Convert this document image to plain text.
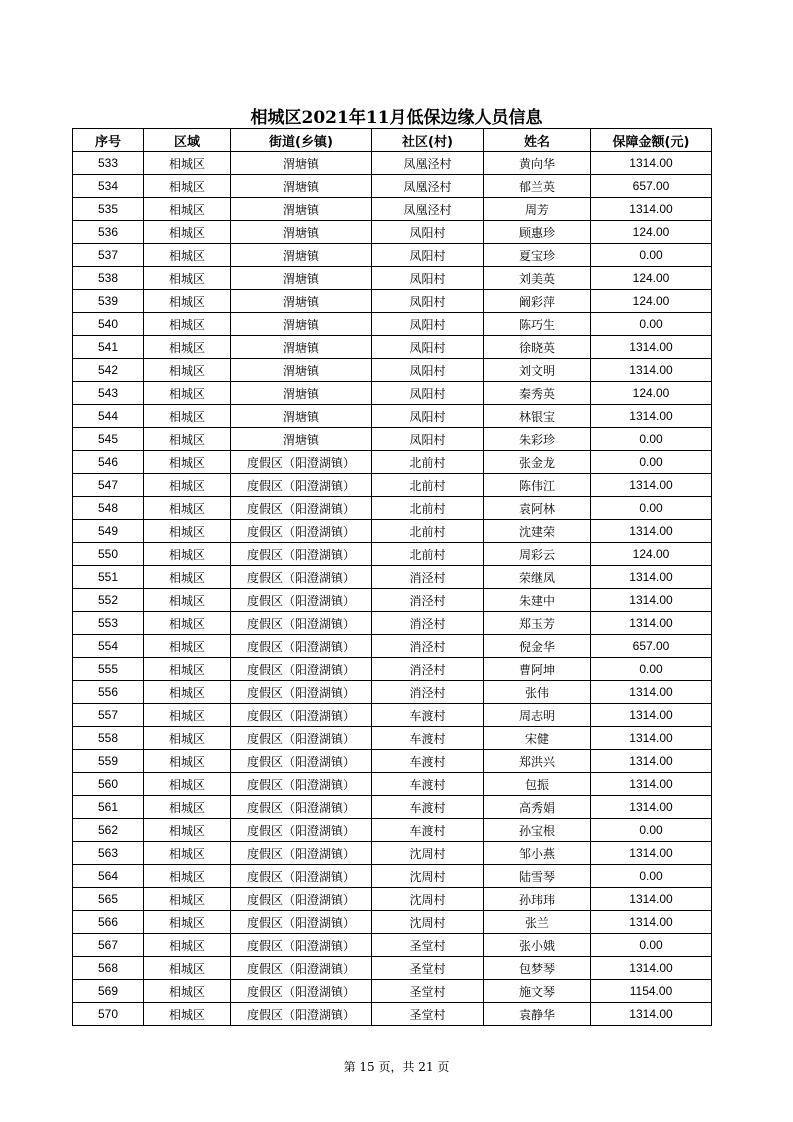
相城区2021年11月低保边缘人员信息
序号	区域	街道(乡镇)	社区(村)	姓名	保障金额(元)
533	相城区	渭塘镇	凤凰泾村	黄向华	1314.00
534	相城区	渭塘镇	凤凰泾村	郁兰英	657.00
535	相城区	渭塘镇	凤凰泾村	周芳	1314.00
536	相城区	渭塘镇	凤阳村	顾惠珍	124.00
537	相城区	渭塘镇	凤阳村	夏宝珍	0.00
538	相城区	渭塘镇	凤阳村	刘美英	124.00
539	相城区	渭塘镇	凤阳村	阚彩萍	124.00
540	相城区	渭塘镇	凤阳村	陈巧生	0.00
541	相城区	渭塘镇	凤阳村	徐晓英	1314.00
542	相城区	渭塘镇	凤阳村	刘文明	1314.00
543	相城区	渭塘镇	凤阳村	秦秀英	124.00
544	相城区	渭塘镇	凤阳村	林银宝	1314.00
545	相城区	渭塘镇	凤阳村	朱彩珍	0.00
546	相城区	度假区（阳澄湖镇）	北前村	张金龙	0.00
547	相城区	度假区（阳澄湖镇）	北前村	陈伟江	1314.00
548	相城区	度假区（阳澄湖镇）	北前村	袁阿林	0.00
549	相城区	度假区（阳澄湖镇）	北前村	沈建荣	1314.00
550	相城区	度假区（阳澄湖镇）	北前村	周彩云	124.00
551	相城区	度假区（阳澄湖镇）	消泾村	荣继凤	1314.00
552	相城区	度假区（阳澄湖镇）	消泾村	朱建中	1314.00
553	相城区	度假区（阳澄湖镇）	消泾村	郑玉芳	1314.00
554	相城区	度假区（阳澄湖镇）	消泾村	倪金华	657.00
555	相城区	度假区（阳澄湖镇）	消泾村	曹阿坤	0.00
556	相城区	度假区（阳澄湖镇）	消泾村	张伟	1314.00
557	相城区	度假区（阳澄湖镇）	车渡村	周志明	1314.00
558	相城区	度假区（阳澄湖镇）	车渡村	宋健	1314.00
559	相城区	度假区（阳澄湖镇）	车渡村	郑洪兴	1314.00
560	相城区	度假区（阳澄湖镇）	车渡村	包振	1314.00
561	相城区	度假区（阳澄湖镇）	车渡村	高秀娟	1314.00
562	相城区	度假区（阳澄湖镇）	车渡村	孙宝根	0.00
563	相城区	度假区（阳澄湖镇）	沈周村	邹小燕	1314.00
564	相城区	度假区（阳澄湖镇）	沈周村	陆雪琴	0.00
565	相城区	度假区（阳澄湖镇）	沈周村	孙玮玮	1314.00
566	相城区	度假区（阳澄湖镇）	沈周村	张兰	1314.00
567	相城区	度假区（阳澄湖镇）	圣堂村	张小娥	0.00
568	相城区	度假区（阳澄湖镇）	圣堂村	包梦琴	1314.00
569	相城区	度假区（阳澄湖镇）	圣堂村	施文琴	1154.00
570	相城区	度假区（阳澄湖镇）	圣堂村	袁静华	1314.00
第 15 页，共 21 页
